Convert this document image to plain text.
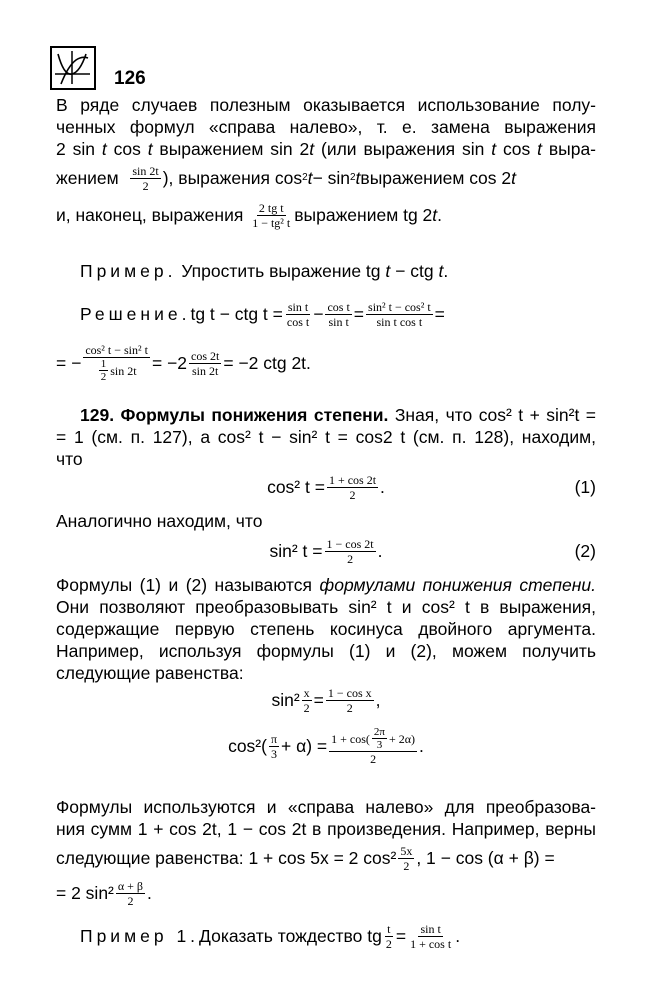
126
В ряде случаев полезным оказывается использование полу-
ченных формул «справа налево», т. е. замена выражения
2 sin t cos t выражением sin 2t (или выражения sin t cos t выра-
жением
$\frac{\sin 2t}{2}$ ), выражения cos 2 t − sin 2 t выражением cos 2 t
и, наконец, выражения
$\frac{\text{2 tg t}}{\text{1 − tg² t}}$ выражением tg 2 t .
Пример. Упростить выражение tg t − ctg t.
Решение. tg t − ctg $t = \frac{\text{sin t}}{\text{cos t}} - \frac{\text{cos t}}{\text{sin t}} = \frac{\text{sin² t − cos² t}}{\text{sin t cos t}}$ =
= − $\frac{\text{cos² t − sin² t}}{\frac{1}{2} \sin 2t} = -2 \frac{\cos 2t}{\sin 2t} = -2$ ctg 2t.
129. Формулы понижения степени. Зная, что cos² t + sin²t =
= 1 (см. п. 127), а cos² t − sin² t = cos2 t (см. п. 128), находим,
что
cos² $t = \frac{1 + \cos 2t}{2}$ .	(1)
Аналогично находим, что
sin² $t = \frac{1 - \cos 2t}{2}$ .	(2)
Формулы (1) и (2) называются формулами понижения степени.
Они позволяют преобразовывать sin² t и cos² t в выражения,
содержащие первую степень косинуса двойного аргумента.
Например, используя формулы (1) и (2), можем получить
следующие равенства:
$\sin^2 \frac{x}{2} = \frac{\text{1 − cos x}}{2}$ ,
$\cos^2( \frac{\pi}{3} + \alpha) = \frac{1 + \cos( \frac{2\pi}{3} + 2\alpha)}{2}$ .
Формулы используются и «справа налево» для преобразова-
ния сумм 1 + cos 2t, 1 − cos 2t в произведения. Например, верны
следующие равенства: 1 + cos 5x = 2 $\cos^2 \frac{5x}{2}$ , 1 − cos (α + β) =
= 2 $\sin^2 \frac{\alpha + \beta}{2}$ .
Пример 1. Доказать тождество tg $\frac{t}{2} = \frac{\text{sin t}}{\text{1 + cos t}}$ .
